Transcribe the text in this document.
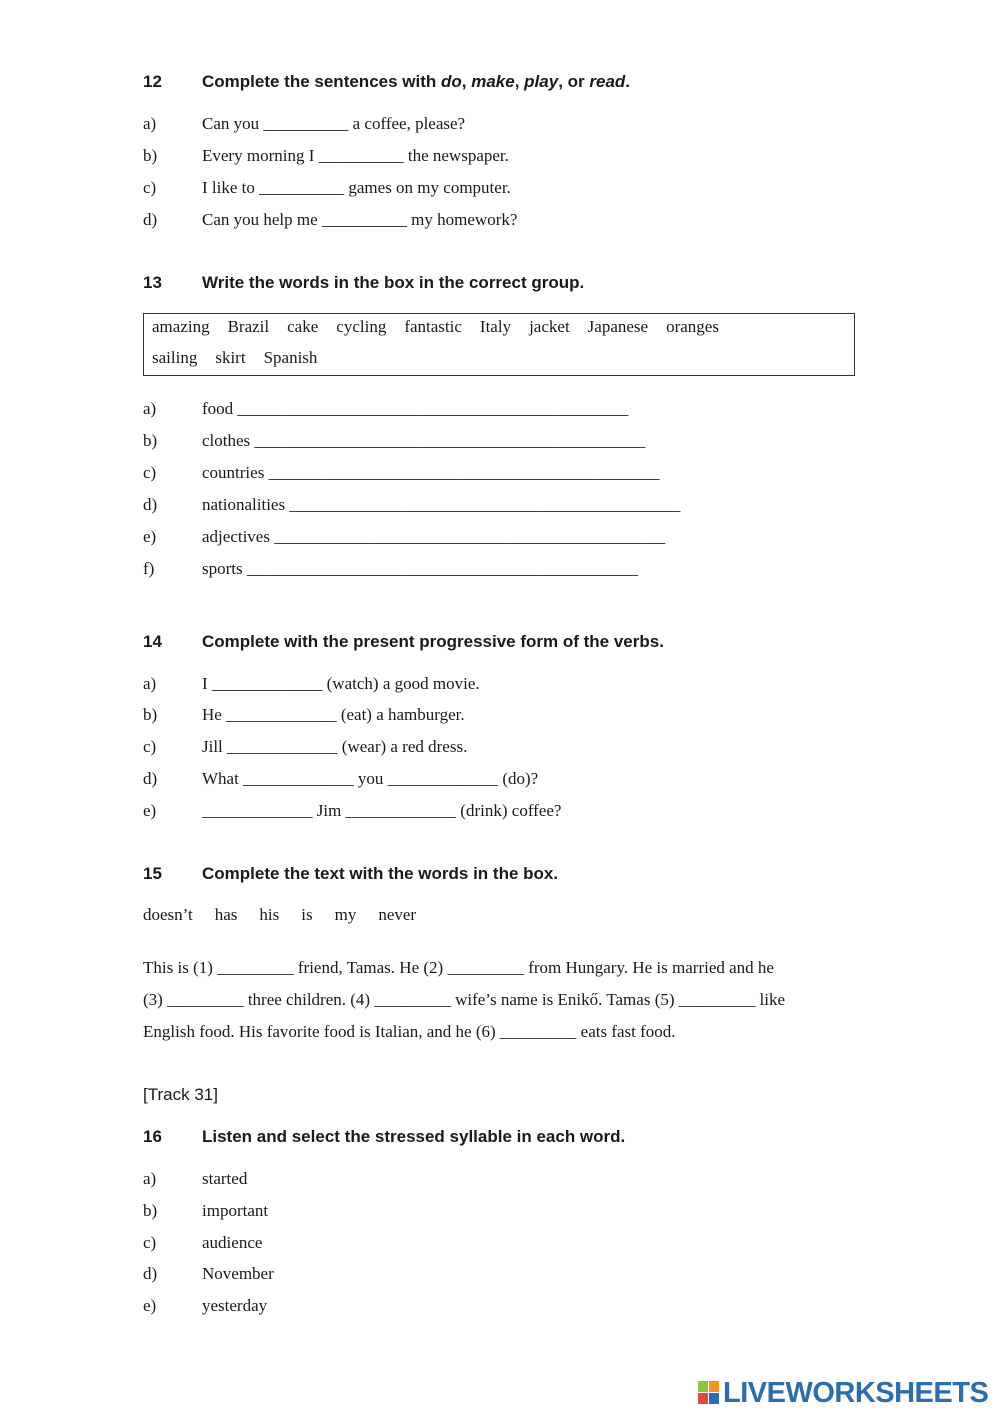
12 Complete the sentences with do, make, play, or read.
a)	Can you __________ a coffee, please?
b)	Every morning I __________ the newspaper.
c)	I like to __________ games on my computer.
d)	Can you help me __________ my homework?
13 Write the words in the box in the correct group.
amazing Brazil cake cycling fantastic Italy jacket Japanese oranges
sailing skirt Spanish
a)	food ______________________________________________
b)	clothes ______________________________________________
c)	countries ______________________________________________
d)	nationalities ______________________________________________
e)	adjectives ______________________________________________
f)	sports ______________________________________________
14 Complete with the present progressive form of the verbs.
a)	I _____________ (watch) a good movie.
b)	He _____________ (eat) a hamburger.
c)	Jill _____________ (wear) a red dress.
d)	What _____________ you _____________ (do)?
e)	_____________ Jim _____________ (drink) coffee?
15 Complete the text with the words in the box.
doesn’t has his is my never
This is (1) _________ friend, Tamas. He (2) _________ from Hungary. He is married and he
(3) _________ three children. (4) _________ wife’s name is Enikő. Tamas (5) _________ like
English food. His favorite food is Italian, and he (6) _________ eats fast food.
[Track 31]
16 Listen and select the stressed syllable in each word.
a)	started
b)	important
c)	audience
d)	November
e)	yesterday
LIVEWORKSHEETS
